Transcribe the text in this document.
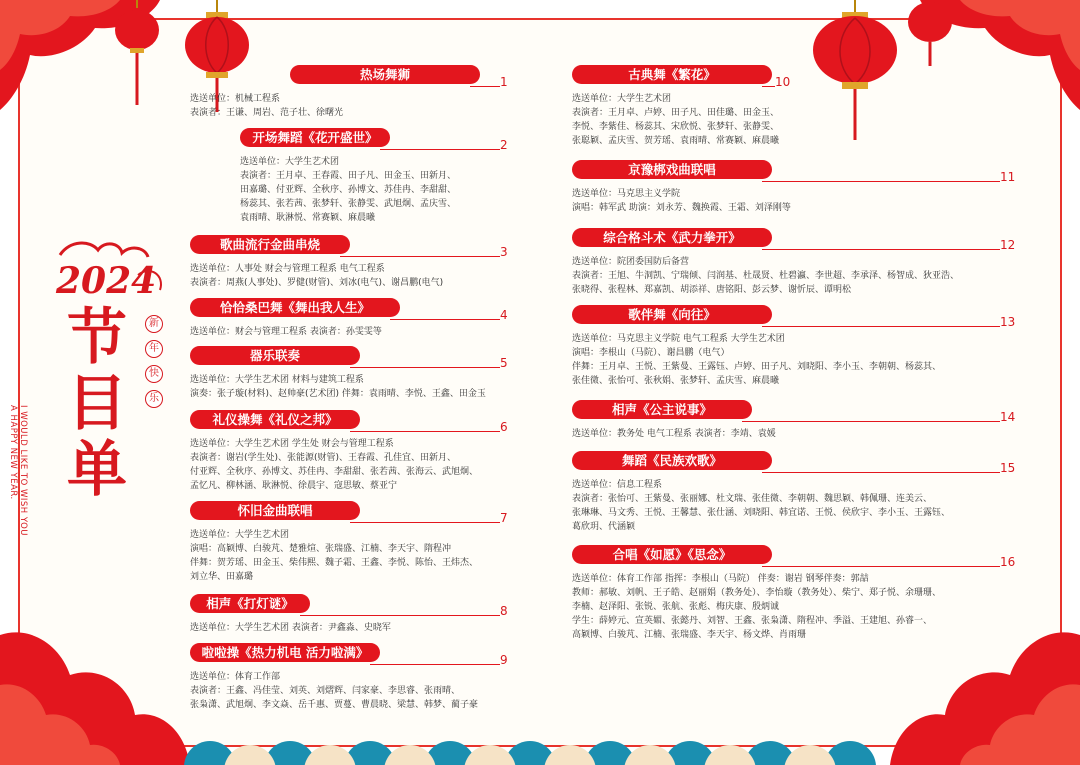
2024
节目单
新
年
快
乐
I WOULD LIKE TO WISH YOU
A HAPPY NEW YEAR.
热场舞狮	1
选送单位：机械工程系
表演者：王谦、周岩、范子壮、徐曙光
开场舞蹈《花开盛世》	2
选送单位：大学生艺术团
表演者：王月卓、王春霞、田子凡、田金玉、田新月、
田嘉璐、付亚辉、全秋序、孙博文、苏佳冉、李甜甜、
杨蕊其、张若茜、张梦轩、张静雯、武旭炯、孟庆雪、
袁雨晴、耿淋悦、常赛颖、麻晨曦
歌曲流行金曲串烧	3
选送单位：人事处 财会与管理工程系 电气工程系
表演者：周燕(人事处)、罗健(财管)、刘冰(电气)、谢昌鹏(电气)
恰恰桑巴舞《舞出我人生》	4
选送单位：财会与管理工程系 表演者：孙雯雯等
器乐联奏	5
选送单位：大学生艺术团 材料与建筑工程系
演奏：张子璇(材料)、赵帅豪(艺术团) 伴舞：袁雨晴、李悦、王鑫、田金玉
礼仪操舞《礼仪之邦》	6
选送单位：大学生艺术团 学生处 财会与管理工程系
表演者：谢岩(学生处)、张能源(财管)、王春霞、孔佳宜、田新月、
付亚辉、全秋序、孙博文、苏佳冉、李甜甜、张若茜、张海云、武旭炯、
孟忆凡、柳林涵、耿淋悦、徐晨宇、寇思敏、蔡亚宁
怀旧金曲联唱	7
选送单位：大学生艺术团
演唱：高颖博、白骏芃、楚雅煊、张瑞盛、江楠、李天宇、隋程冲
伴舞：贺芳瑶、田金玉、柴伟熙、魏子霜、王鑫、李悦、陈怡、王炜杰、
刘立华、田嘉璐
相声《打灯谜》	8
选送单位：大学生艺术团 表演者：尹鑫淼、史晓军
啦啦操《热力机电 活力啦满》	9
选送单位：体育工作部
表演者：王鑫、冯佳莹、刘英、刘熠辉、闫家豪、李思睿、张雨晴、
张枭潇、武旭炯、李文焱、岳千惠、贾蔓、曹晨晓、梁慧、韩梦、蔺子豪
古典舞《繁花》	10
选送单位：大学生艺术团
表演者：王月卓、卢婷、田子凡、田佳璐、田金玉、
李悦、李紫佳、杨蕊其、宋欣悦、张梦轩、张静雯、
张聪颖、孟庆雪、贺芳瑶、袁雨晴、常赛颖、麻晨曦
京豫梆戏曲联唱	11
选送单位：马克思主义学院
演唱：韩军武 助演：刘永芳、魏换霞、王霜、刘泽刚等
综合格斗术《武力拳开》	12
选送单位：院团委国防后备营
表演者：王旭、牛洞凯、宁瑞倾、闫润基、杜晟贤、杜碧瀛、李世超、李承泽、杨智成、狄亚浩、
张晓得、张程林、郑嘉凯、胡添祥、唐铭阳、彭云梦、谢忻辰、谭明松
歌伴舞《向往》	13
选送单位：马克思主义学院 电气工程系 大学生艺术团
演唱：李根山（马院）、谢昌鹏（电气）
伴舞：王月卓、王悦、王紫曼、王露钰、卢婷、田子凡、刘晓阳、李小玉、李朝朝、杨蕊其、
张佳微、张怡可、张秋娟、张梦轩、孟庆雪、麻晨曦
相声《公主说事》	14
选送单位：教务处 电气工程系 表演者：李靖、袁媛
舞蹈《民族欢歌》	15
选送单位：信息工程系
表演者：张怡可、王紫曼、张丽娜、杜文瑞、张佳微、李朝朝、魏思颖、韩佩珊、连美云、
张琳琳、马文秀、王悦、王馨慧、张仕涵、刘晓阳、韩宜诺、王悦、侯欣宇、李小玉、王露钰、
葛欣玥、代涵颖
合唱《如愿》《思念》	16
选送单位：体育工作部 指挥：李根山（马院） 伴奏：谢岩 钢琴伴奏：郭喆
教师：郝敏、刘帆、王子皓、赵丽娟（教务处）、李怡璇（教务处）、柴宁、郑子悦、余珊珊、
李楠、赵泽阳、张锐、张航、张彪、梅庆康、殷炳诚
学生：薛婷元、宣英媚、张懿丹、刘智、王鑫、张枭潇、隋程冲、季溢、王建旭、孙睿一、
高颖博、白骏芃、江楠、张瑞盛、李天宇、杨文烨、肖雨珊
